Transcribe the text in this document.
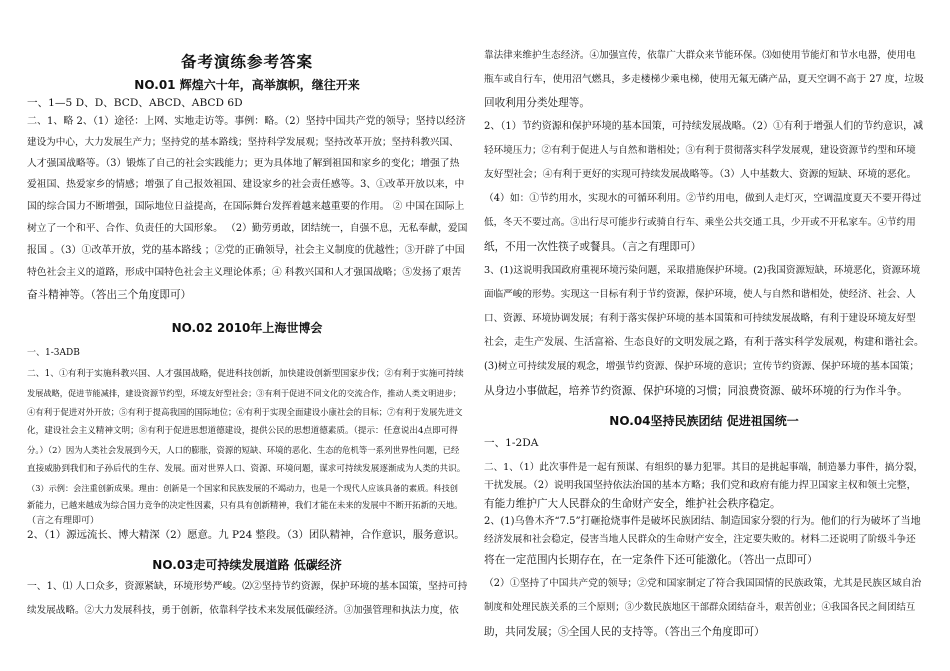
备考演练参考答案
NO.01 辉煌六十年，高举旗帜，继往开来
一、1—5 D、D、BCD、ABCD、ABCD 6D
二、1、略 2、（1）途径：上网、实地走访等。事例：略。（2）坚持中国共产党的领导；坚持以经济
建设为中心，大力发展生产力；坚持党的基本路线；坚持科学发展观；坚持改革开放；坚持科教兴国、
人才强国战略等。（3）锻炼了自己的社会实践能力；更为具体地了解到祖国和家乡的变化；增强了热
爱祖国、热爱家乡的情感；增强了自己报效祖国、建设家乡的社会责任感等。3、①改革开放以来，中
国的综合国力不断增强，国际地位日益提高，在国际舞台发挥着越来越重要的作用。 ② 中国在国际上
树立了一个和平、合作、负责任的大国形象。 （2）勤劳勇敢，团结统一，自强不息，无私奉献，爱国
报国 。（3）①改革开放，党的基本路线 ；②党的正确领导，社会主义制度的优越性；③开辟了中国
特色社会主义的道路，形成中国特色社会主义理论体系；④ 科教兴国和人才强国战略；⑤发扬了艰苦
奋斗精神等。（答出三个角度即可）
NO.02 2010年上海世博会
一、1-3ADB
二、1、①有利于实施科教兴国、人才强国战略，促进科技创新，加快建设创新型国家步伐；②有利于实施可持续
发展战略，促进节能减排，建设资源节约型，环境友好型社会；③有利于促进不同文化的交流合作，推动人类文明进步；
④有利于促进对外开放；⑤有利于提高我国的国际地位；⑥有利于实现全面建设小康社会的目标；⑦有利于发展先进文
化，建设社会主义精神文明；⑧有利于促进思想道德建设，提供公民的思想道德素质。（提示：任意说出4点即可得
分。）（2）因为人类社会发展到今天，人口的膨胀，资源的短缺、环境的恶化、生态的危机等一系列世界性问题，已经
直接威胁到我们和子孙后代的生存、发展。面对世界人口、资源、环境问题，谋求可持续发展逐渐成为人类的共识。
（3）示例：会注重创新成果。理由：创新是一个国家和民族发展的不竭动力，也是一个现代人应该具备的素质。科技创
新能力，已越来越成为综合国力竞争的决定性因素，只有具有创新精神，我们才能在未来的发展中不断开拓新的天地。
（言之有理即可）
2、（1）源远流长、博大精深（2）愿意。九 P24 整段。（3）团队精神，合作意识，服务意识。
NO.03走可持续发展道路 低碳经济
一、1、⑴ 人口众多，资源紧缺，环境形势严峻。⑵②坚持节约资源，保护环境的基本国策，坚持可持
续发展战略。②大力发展科技，勇于创新，依靠科学技术来发展低碳经济。③加强管理和执法力度，依
靠法律来维护生态经济。④加强宣传，依靠广大群众来节能环保。⑶如使用节能灯和节水电器，使用电
瓶车或自行车，使用沼气燃具，多走楼梯少乘电梯，使用无氟无磷产品，夏天空调不高于 27 度，垃圾
回收利用分类处理等。
2、（1）节约资源和保护环境的基本国策，可持续发展战略。（2）①有利于增强人们的节约意识，减
轻环境压力；②有利于促进人与自然和谐相处；③有利于贯彻落实科学发展观，建设资源节约型和环境
友好型社会；④有利于更好的实现可持续发展战略等。（3）人中基数大、资源的短缺、环境的恶化。
（4）如：①节约用水，实现水的可循环利用。②节约用电，做到人走灯灭，空调温度夏天不要开得过
低，冬天不要过高。③出行尽可能步行或骑自行车、乘坐公共交通工具，少开或不开私家车。④节约用
纸，不用一次性筷子或餐具。（言之有理即可）
3、(1)这说明我国政府重视环境污染问题，采取措施保护环境。(2)我国资源短缺，环境恶化，资源环境
面临严峻的形势。实现这一目标有利于节约资源，保护环境，使人与自然和谐相处，使经济、社会、人
口、资源、环境协调发展；有利于落实保护环境的基本国策和可持续发展战略，有利于建设环境友好型
社会，走生产发展、生活富裕、生态良好的文明发展之路，有利于落实科学发展观，构建和谐社会。
(3)树立可持续发展的观念，增强节约资源、保护环境的意识；宣传节约资源、保护环境的基本国策；
从身边小事做起，培养节约资源、保护环境的习惯；同浪费资源、破坏环境的行为作斗争。
NO.04坚持民族团结 促进祖国统一
一、1-2DA
二、1、（1）此次事件是一起有预谋、有组织的暴力犯罪。其目的是挑起事端，制造暴力事件，搞分裂，
干扰发展。（2）说明我国坚持依法治国的基本方略；我们党和政府有能力捍卫国家主权和领土完整，
有能力维护广大人民群众的生命财产安全，维护社会秩序稳定。
2、(1)乌鲁木齐“7.5”打砸抢烧事件是破坏民族团结、制造国家分裂的行为。他们的行为破坏了当地
经济发展和社会稳定，侵害当地人民群众的生命财产安全，注定要失败的。材料二还说明了阶级斗争还
将在一定范围内长期存在，在一定条件下还可能激化。（答出一点即可）
（2）①坚持了中国共产党的领导；②党和国家制定了符合我国国情的民族政策，尤其是民族区域自治
制度和处理民族关系的三个原则；③少数民族地区干部群众团结奋斗，艰苦创业；④我国各民之间团结互
助，共同发展；⑤全国人民的支持等。（答出三个角度即可）
